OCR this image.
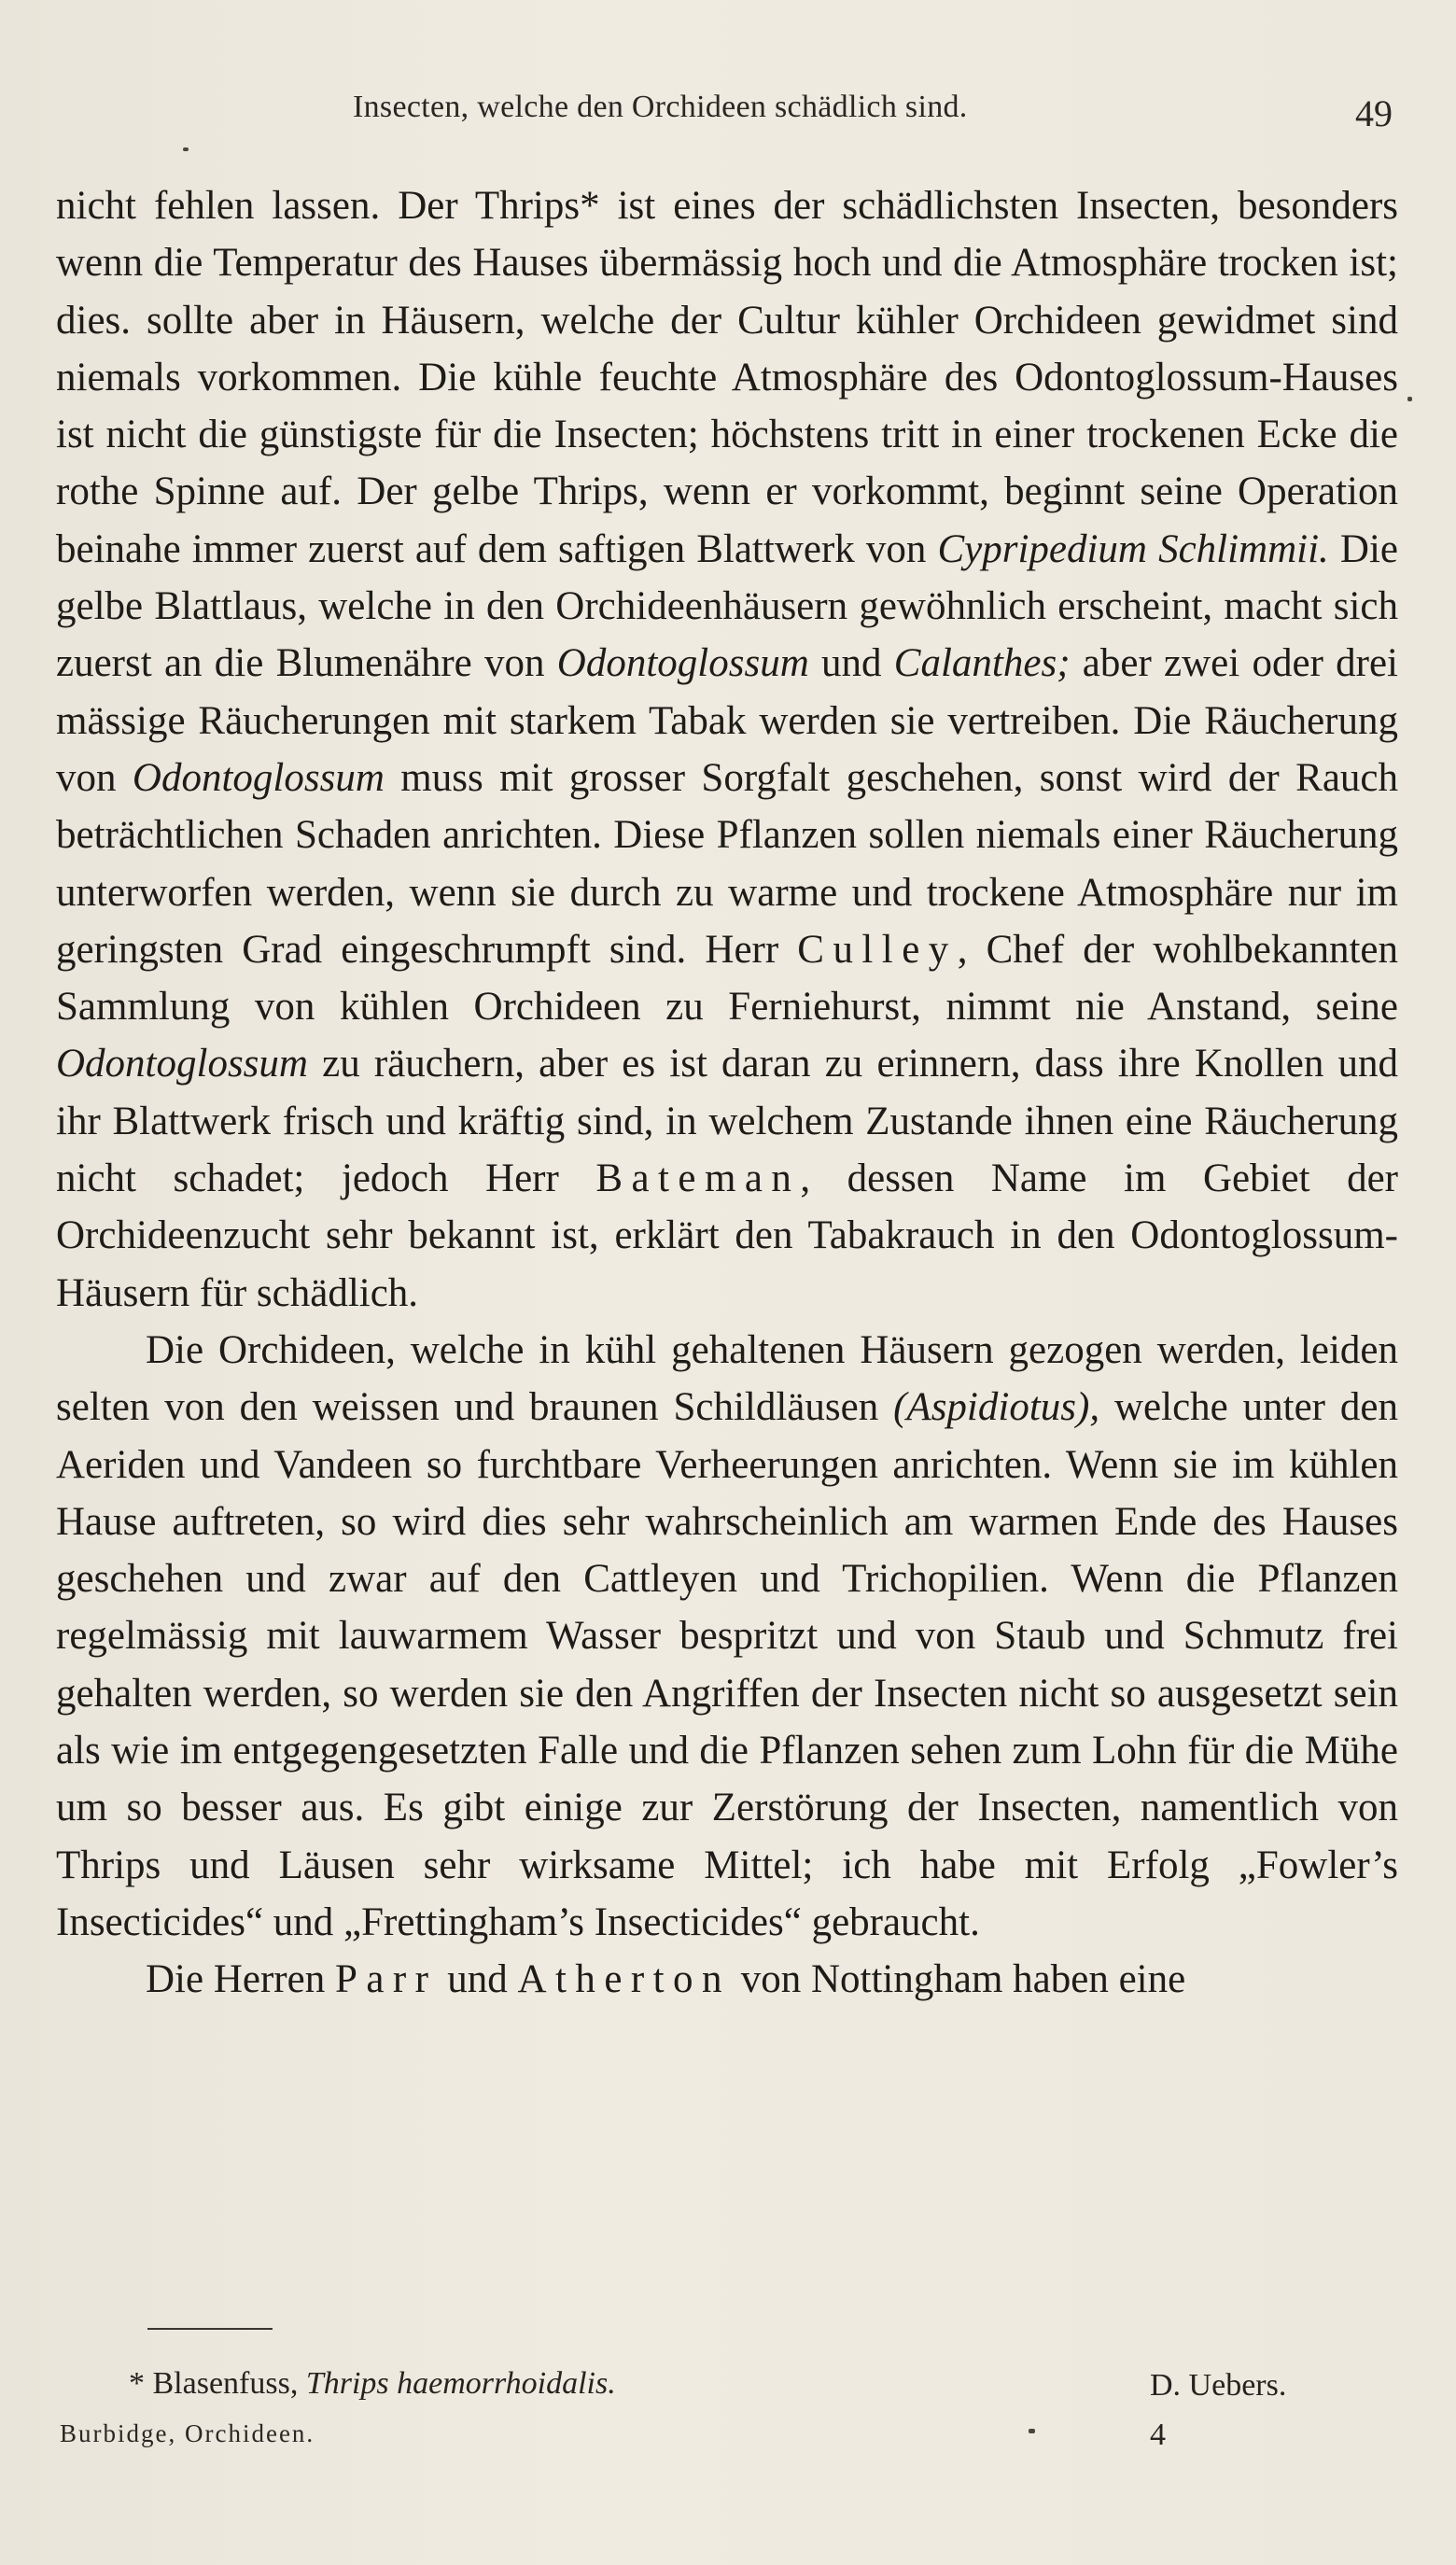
Insecten, welche den Orchideen schädlich sind.	49

nicht fehlen lassen. Der Thrips* ist eines der schädlichsten Insecten, besonders wenn die Temperatur des Hauses übermässig hoch und die Atmosphäre trocken ist; dies. sollte aber in Häusern, welche der Cultur kühler Orchideen gewidmet sind niemals vorkommen. Die kühle feuchte Atmosphäre des Odontoglossum-Hauses ist nicht die günstigste für die Insecten; höchstens tritt in einer trockenen Ecke die rothe Spinne auf. Der gelbe Thrips, wenn er vorkommt, beginnt seine Operation beinahe immer zuerst auf dem saftigen Blattwerk von Cypripedium Schlimmii. Die gelbe Blattlaus, welche in den Orchideenhäusern gewöhnlich erscheint, macht sich zuerst an die Blumenähre von Odontoglossum und Calanthes; aber zwei oder drei mässige Räucherungen mit starkem Tabak werden sie vertreiben. Die Räucherung von Odontoglossum muss mit grosser Sorgfalt geschehen, sonst wird der Rauch beträchtlichen Schaden anrichten. Diese Pflanzen sollen niemals einer Räucherung unterworfen werden, wenn sie durch zu warme und trockene Atmosphäre nur im geringsten Grad eingeschrumpft sind. Herr Culley, Chef der wohlbekannten Sammlung von kühlen Orchideen zu Ferniehurst, nimmt nie Anstand, seine Odontoglossum zu räuchern, aber es ist daran zu erinnern, dass ihre Knollen und ihr Blattwerk frisch und kräftig sind, in welchem Zustande ihnen eine Räucherung nicht schadet; jedoch Herr Bateman, dessen Name im Gebiet der Orchideenzucht sehr bekannt ist, erklärt den Tabakrauch in den Odontoglossum-Häusern für schädlich.

Die Orchideen, welche in kühl gehaltenen Häusern gezogen werden, leiden selten von den weissen und braunen Schildläusen (Aspidiotus), welche unter den Aeriden und Vandeen so furchtbare Verheerungen anrichten. Wenn sie im kühlen Hause auftreten, so wird dies sehr wahrscheinlich am warmen Ende des Hauses geschehen und zwar auf den Cattleyen und Trichopilien. Wenn die Pflanzen regelmässig mit lauwarmem Wasser bespritzt und von Staub und Schmutz frei gehalten werden, so werden sie den Angriffen der Insecten nicht so ausgesetzt sein als wie im entgegengesetzten Falle und die Pflanzen sehen zum Lohn für die Mühe um so besser aus. Es gibt einige zur Zerstörung der Insecten, namentlich von Thrips und Läusen sehr wirksame Mittel; ich habe mit Erfolg „Fowler’s Insecticides“ und „Frettingham’s Insecticides“ gebraucht.

Die Herren Parr und Atherton von Nottingham haben eine

* Blasenfuss, Thrips haemorrhoidalis.	D. Uebers.
Burbidge, Orchideen.	4
